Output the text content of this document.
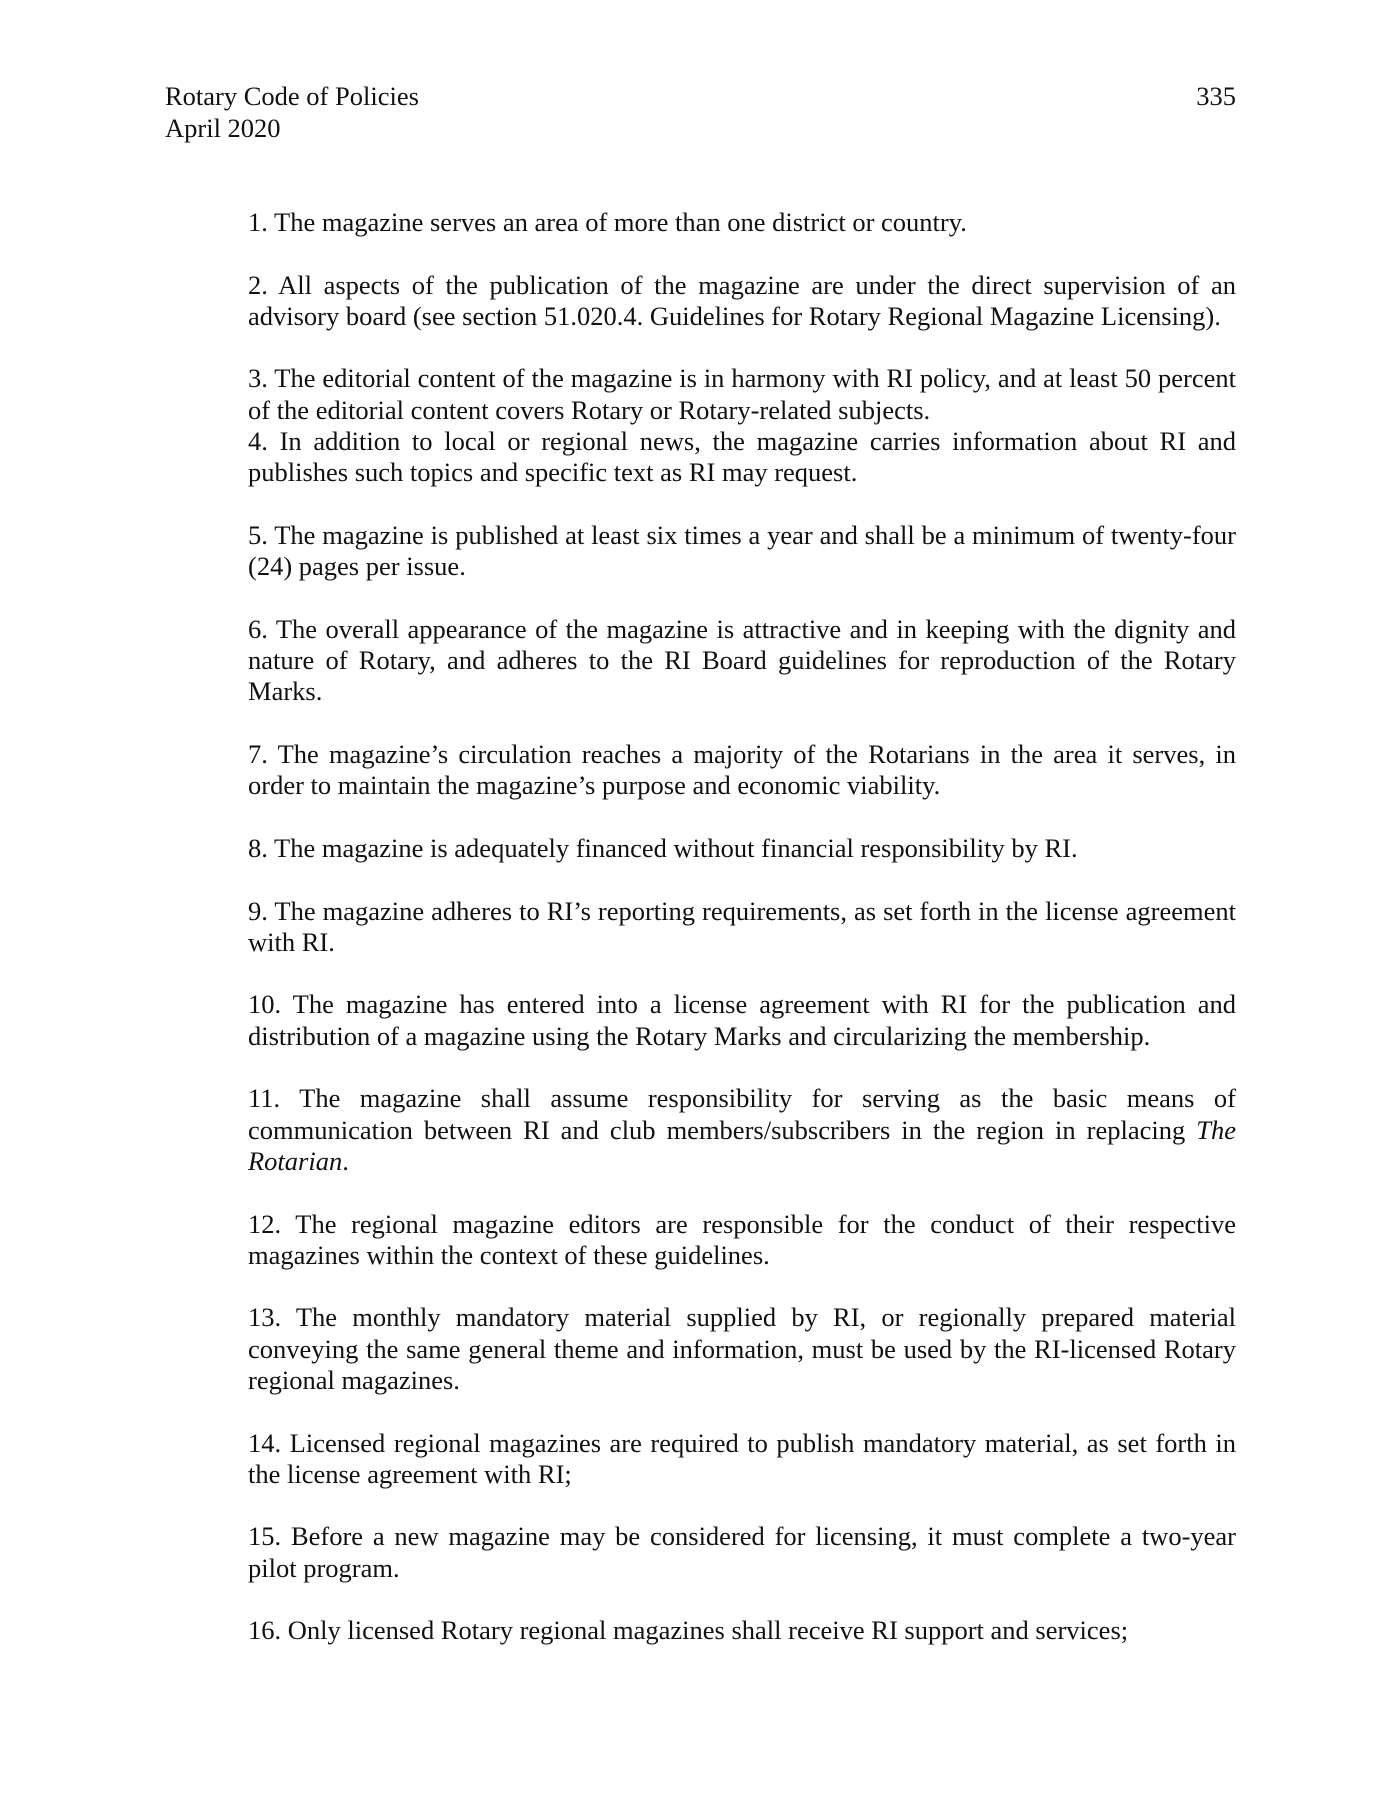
Rotary Code of Policies
April 2020
335

1. The magazine serves an area of more than one district or country.

2. All aspects of the publication of the magazine are under the direct supervision of an advisory board (see section 51.020.4. Guidelines for Rotary Regional Magazine Licensing).

3. The editorial content of the magazine is in harmony with RI policy, and at least 50 percent of the editorial content covers Rotary or Rotary-related subjects.

4. In addition to local or regional news, the magazine carries information about RI and publishes such topics and specific text as RI may request.

5. The magazine is published at least six times a year and shall be a minimum of twenty-four (24) pages per issue.

6. The overall appearance of the magazine is attractive and in keeping with the dignity and nature of Rotary, and adheres to the RI Board guidelines for reproduction of the Rotary Marks.

7. The magazine’s circulation reaches a majority of the Rotarians in the area it serves, in order to maintain the magazine’s purpose and economic viability.

8. The magazine is adequately financed without financial responsibility by RI.

9. The magazine adheres to RI’s reporting requirements, as set forth in the license agreement with RI.

10. The magazine has entered into a license agreement with RI for the publication and distribution of a magazine using the Rotary Marks and circularizing the membership.

11. The magazine shall assume responsibility for serving as the basic means of communication between RI and club members/subscribers in the region in replacing The Rotarian.

12. The regional magazine editors are responsible for the conduct of their respective magazines within the context of these guidelines.

13. The monthly mandatory material supplied by RI, or regionally prepared material conveying the same general theme and information, must be used by the RI-licensed Rotary regional magazines.

14. Licensed regional magazines are required to publish mandatory material, as set forth in the license agreement with RI;

15. Before a new magazine may be considered for licensing, it must complete a two-year pilot program.

16. Only licensed Rotary regional magazines shall receive RI support and services;
